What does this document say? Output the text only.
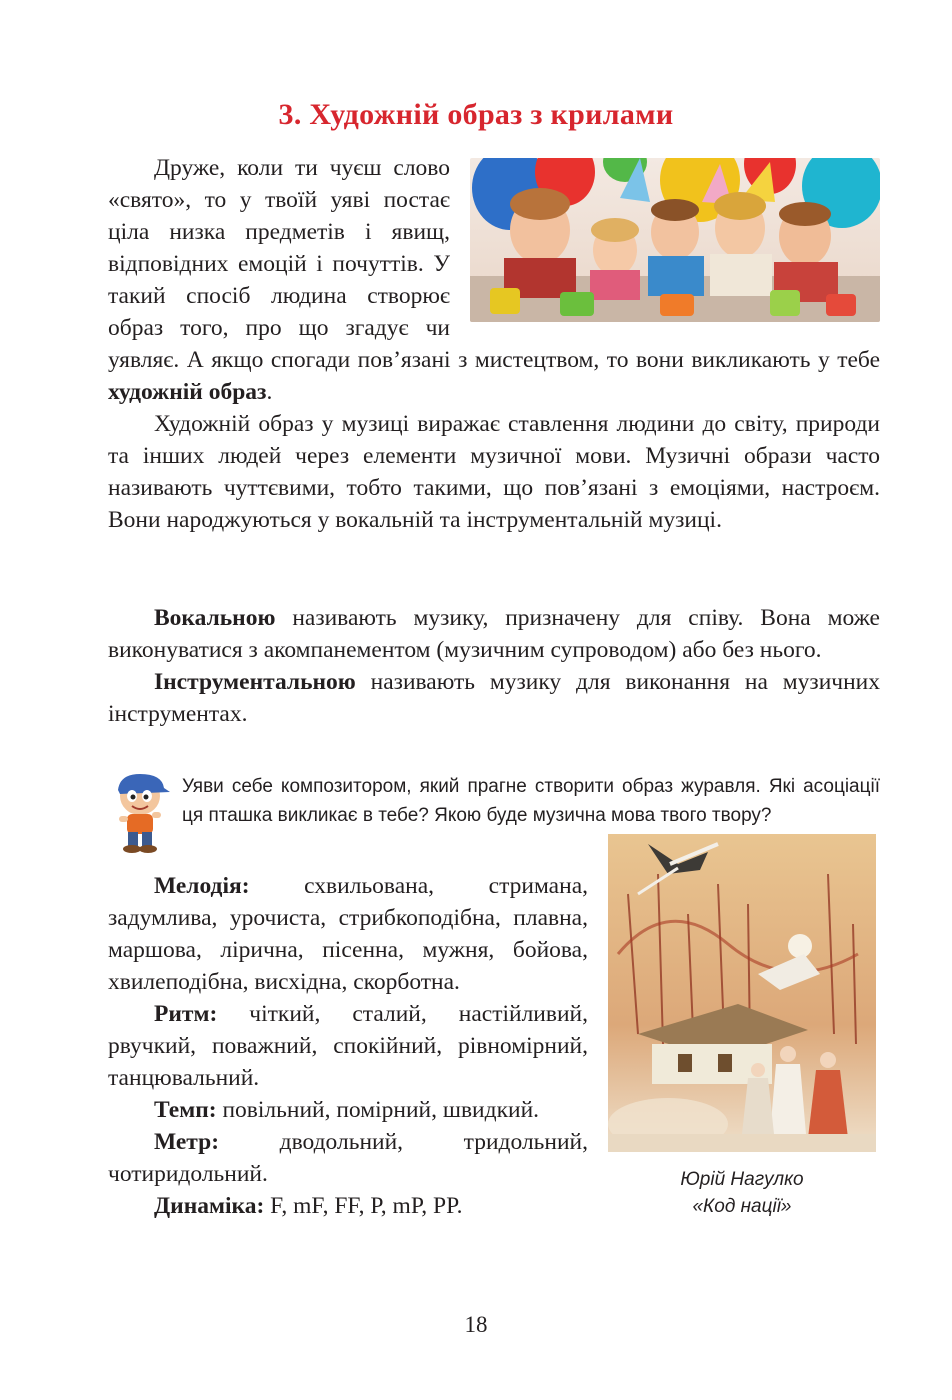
3. Художній образ з крилами

Друже, коли ти чуєш слово «свято», то у твоїй уяві постає ціла низка предметів і явищ, відповідних емоцій і почуттів. У такий спосіб людина створює образ того, про що згадує чи уявляє. А якщо спогади пов’язані з мистецтвом, то вони викликають у тебе художній образ.

Художній образ у музиці виражає ставлення людини до світу, природи та інших людей через елементи музичної мови. Музичні образи часто називають чуттєвими, тобто такими, що пов’язані з емоціями, настроєм. Вони народжуються у вокальній та інструментальній музиці.

Вокальною називають музику, призначену для співу. Вона може виконуватися з акомпанементом (музичним супроводом) або без нього.

Інструментальною називають музику для виконання на музичних інструментах.

Уяви себе композитором, який прагне створити образ журавля. Які асоціації ця пташка викликає в тебе? Якою буде музична мова твого твору?
Юрій Нагулко
«Код нації»

Мелодія: схвильована, стримана, задумлива, урочиста, стрибкоподібна, плавна, маршова, лірична, пісенна, мужня, бойова, хвилеподібна, висхідна, скорботна.

Ритм: чіткий, сталий, настійливий, рвучкий, поважний, спокійний, рівномірний, танцювальний.

Темп: повільний, помірний, швидкий.

Метр: дводольний, тридольний, чотиридольний.

Динаміка: F, mF, FF, P, mP, PP.

18
